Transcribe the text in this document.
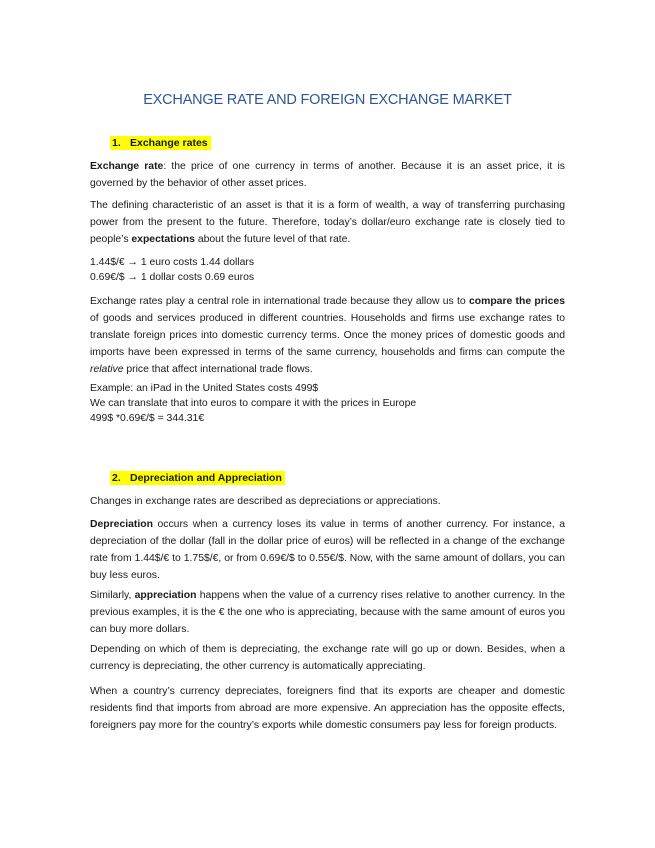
EXCHANGE RATE AND FOREIGN EXCHANGE MARKET
1. Exchange rates
Exchange rate: the price of one currency in terms of another. Because it is an asset price, it is governed by the behavior of other asset prices.
The defining characteristic of an asset is that it is a form of wealth, a way of transferring purchasing power from the present to the future. Therefore, today’s dollar/euro exchange rate is closely tied to people’s expectations about the future level of that rate.
1.44$/€ → 1 euro costs 1.44 dollars
0.69€/$ → 1 dollar costs 0.69 euros
Exchange rates play a central role in international trade because they allow us to compare the prices of goods and services produced in different countries. Households and firms use exchange rates to translate foreign prices into domestic currency terms. Once the money prices of domestic goods and imports have been expressed in terms of the same currency, households and firms can compute the relative price that affect international trade flows.
Example: an iPad in the United States costs 499$
We can translate that into euros to compare it with the prices in Europe
499$ *0.69€/$ = 344.31€
2. Depreciation and Appreciation
Changes in exchange rates are described as depreciations or appreciations.
Depreciation occurs when a currency loses its value in terms of another currency. For instance, a depreciation of the dollar (fall in the dollar price of euros) will be reflected in a change of the exchange rate from 1.44$/€ to 1.75$/€, or from 0.69€/$ to 0.55€/$. Now, with the same amount of dollars, you can buy less euros.
Similarly, appreciation happens when the value of a currency rises relative to another currency. In the previous examples, it is the € the one who is appreciating, because with the same amount of euros you can buy more dollars.
Depending on which of them is depreciating, the exchange rate will go up or down. Besides, when a currency is depreciating, the other currency is automatically appreciating.
When a country’s currency depreciates, foreigners find that its exports are cheaper and domestic residents find that imports from abroad are more expensive. An appreciation has the opposite effects, foreigners pay more for the country’s exports while domestic consumers pay less for foreign products.
